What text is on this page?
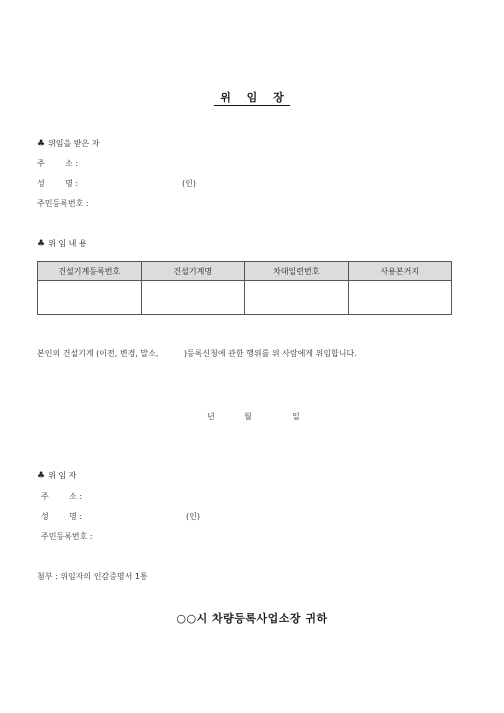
위 임 장
♣ 위임을 받은 자
주        소 :
성        명 :	(인)
주민등록번호 :
♣ 위 임 내 용
건설기계등록번호	건설기계명	차대일련번호	사용본거지

본인의 건설기계 (이전, 변경, 말소,          )등록신청에 관한 행위를 위 사람에게 위임합니다.
년	월	일
♣ 위 임 자
주        소 :
성        명 :	(인)
주민등록번호 :
첨부 : 위임자의 인감증명서 1통
○○시 차량등록사업소장 귀하
